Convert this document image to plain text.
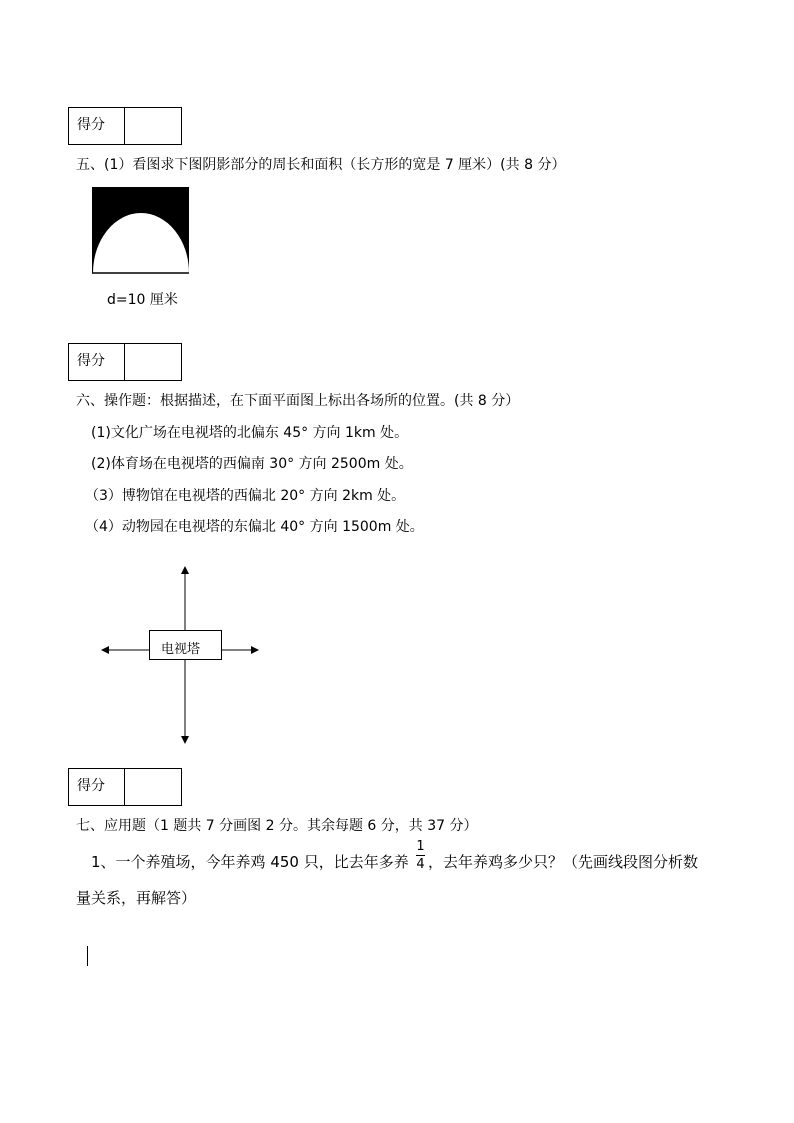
得分
五、(1）看图求下图阴影部分的周长和面积（长方形的宽是 7 厘米）(共 8 分）
d=10 厘米
得分
六、操作题：根据描述，在下面平面图上标出各场所的位置。(共 8 分）
(1)文化广场在电视塔的北偏东 45° 方向 1km 处。
(2)体育场在电视塔的西偏南 30° 方向 2500m 处。
（3）博物馆在电视塔的西偏北 20° 方向 2km 处。
（4）动物园在电视塔的东偏北 40° 方向 1500m 处。
电视塔
得分
七、应用题（1 题共 7 分画图 2 分。其余每题 6 分，共 37 分）
1、一个养殖场，今年养鸡 450 只，比去年多养
1
4 ，去年养鸡多少只？（先画线段图分析数
量关系，再解答）
